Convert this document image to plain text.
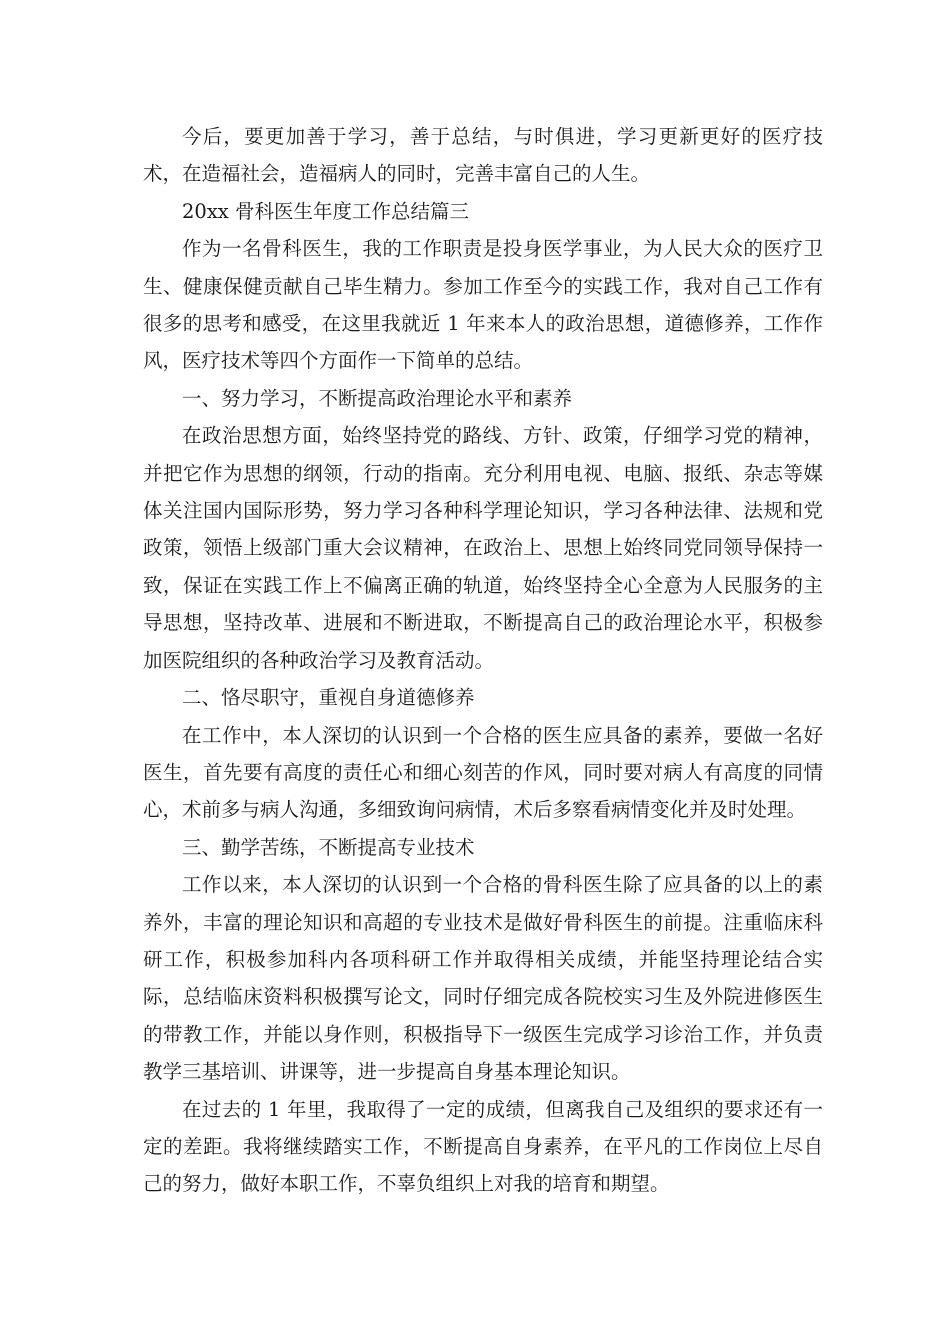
今后，要更加善于学习，善于总结，与时俱进，学习更新更好的医疗技术，在造福社会，造福病人的同时，完善丰富自己的人生。

20xx 骨科医生年度工作总结篇三

作为一名骨科医生，我的工作职责是投身医学事业，为人民大众的医疗卫生、健康保健贡献自己毕生精力。参加工作至今的实践工作，我对自己工作有很多的思考和感受，在这里我就近 1 年来本人的政治思想，道德修养，工作作风，医疗技术等四个方面作一下简单的总结。

一、努力学习，不断提高政治理论水平和素养

在政治思想方面，始终坚持党的路线、方针、政策，仔细学习党的精神，并把它作为思想的纲领，行动的指南。充分利用电视、电脑、报纸、杂志等媒体关注国内国际形势，努力学习各种科学理论知识，学习各种法律、法规和党政策，领悟上级部门重大会议精神，在政治上、思想上始终同党同领导保持一致，保证在实践工作上不偏离正确的轨道，始终坚持全心全意为人民服务的主导思想，坚持改革、进展和不断进取，不断提高自己的政治理论水平，积极参加医院组织的各种政治学习及教育活动。

二、恪尽职守，重视自身道德修养

在工作中，本人深切的认识到一个合格的医生应具备的素养，要做一名好医生，首先要有高度的责任心和细心刻苦的作风，同时要对病人有高度的同情心，术前多与病人沟通，多细致询问病情，术后多察看病情变化并及时处理。

三、勤学苦练，不断提高专业技术

工作以来，本人深切的认识到一个合格的骨科医生除了应具备的以上的素养外，丰富的理论知识和高超的专业技术是做好骨科医生的前提。注重临床科研工作，积极参加科内各项科研工作并取得相关成绩，并能坚持理论结合实际，总结临床资料积极撰写论文，同时仔细完成各院校实习生及外院进修医生的带教工作，并能以身作则，积极指导下一级医生完成学习诊治工作，并负责教学三基培训、讲课等，进一步提高自身基本理论知识。

在过去的 1 年里，我取得了一定的成绩，但离我自己及组织的要求还有一定的差距。我将继续踏实工作，不断提高自身素养，在平凡的工作岗位上尽自己的努力，做好本职工作，不辜负组织上对我的培育和期望。
